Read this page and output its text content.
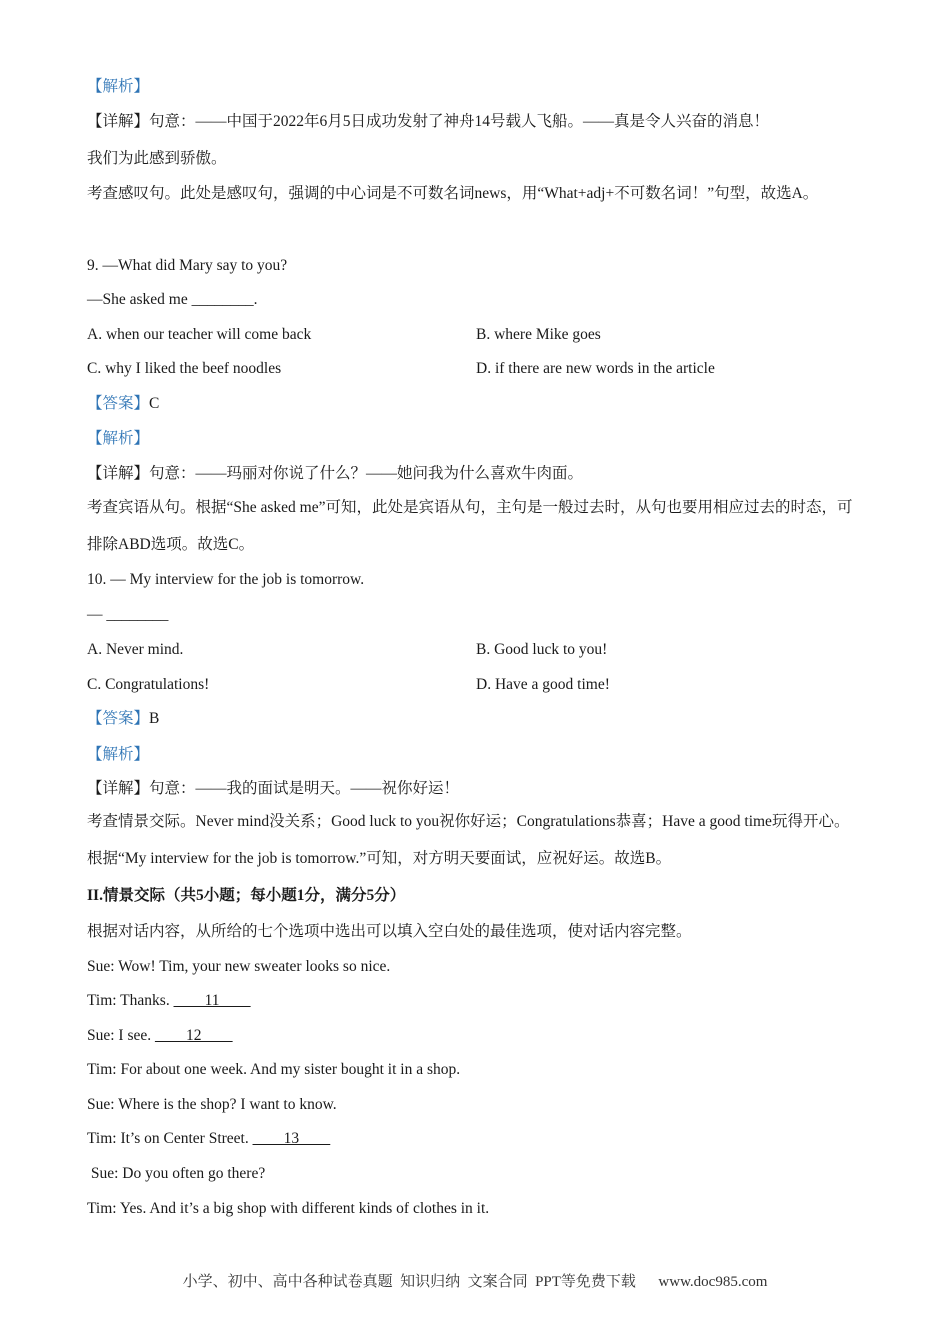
【解析】
【详解】句意：——中国于2022年6月5日成功发射了神舟14号载人飞船。——真是令人兴奋的消息！
我们为此感到骄傲。
考查感叹句。此处是感叹句，强调的中心词是不可数名词news，用“What+adj+不可数名词！”句型，故选A。
9. —What did Mary say to you?
—She asked me ________.
A. when our teacher will come back	B. where Mike goes
C. why I liked the beef noodles	D. if there are new words in the article
【答案】C
【解析】
【详解】句意：——玛丽对你说了什么？——她问我为什么喜欢牛肉面。
考查宾语从句。根据“She asked me”可知，此处是宾语从句，主句是一般过去时，从句也要用相应过去的时态，可排除ABD选项。故选C。
10. — My interview for the job is tomorrow.
— ________
A. Never mind.	B. Good luck to you!
C. Congratulations!	D. Have a good time!
【答案】B
【解析】
【详解】句意：——我的面试是明天。——祝你好运！
考查情景交际。Never mind没关系；Good luck to you祝你好运；Congratulations恭喜；Have a good time玩得开心。根据“My interview for the job is tomorrow.”可知，对方明天要面试，应祝好运。故选B。
II.情景交际（共5小题；每小题1分，满分5分）
根据对话内容，从所给的七个选项中选出可以填入空白处的最佳选项，使对话内容完整。
Sue: Wow! Tim, your new sweater looks so nice.
Tim: Thanks. ____11____
Sue: I see. ____12____
Tim: For about one week. And my sister bought it in a shop.
Sue: Where is the shop? I want to know.
Tim: It’s on Center Street. ____13____
Sue: Do you often go there?
Tim: Yes. And it’s a big shop with different kinds of clothes in it.
小学、初中、高中各种试卷真题  知识归纳  文案合同  PPT等免费下载      www.doc985.com
